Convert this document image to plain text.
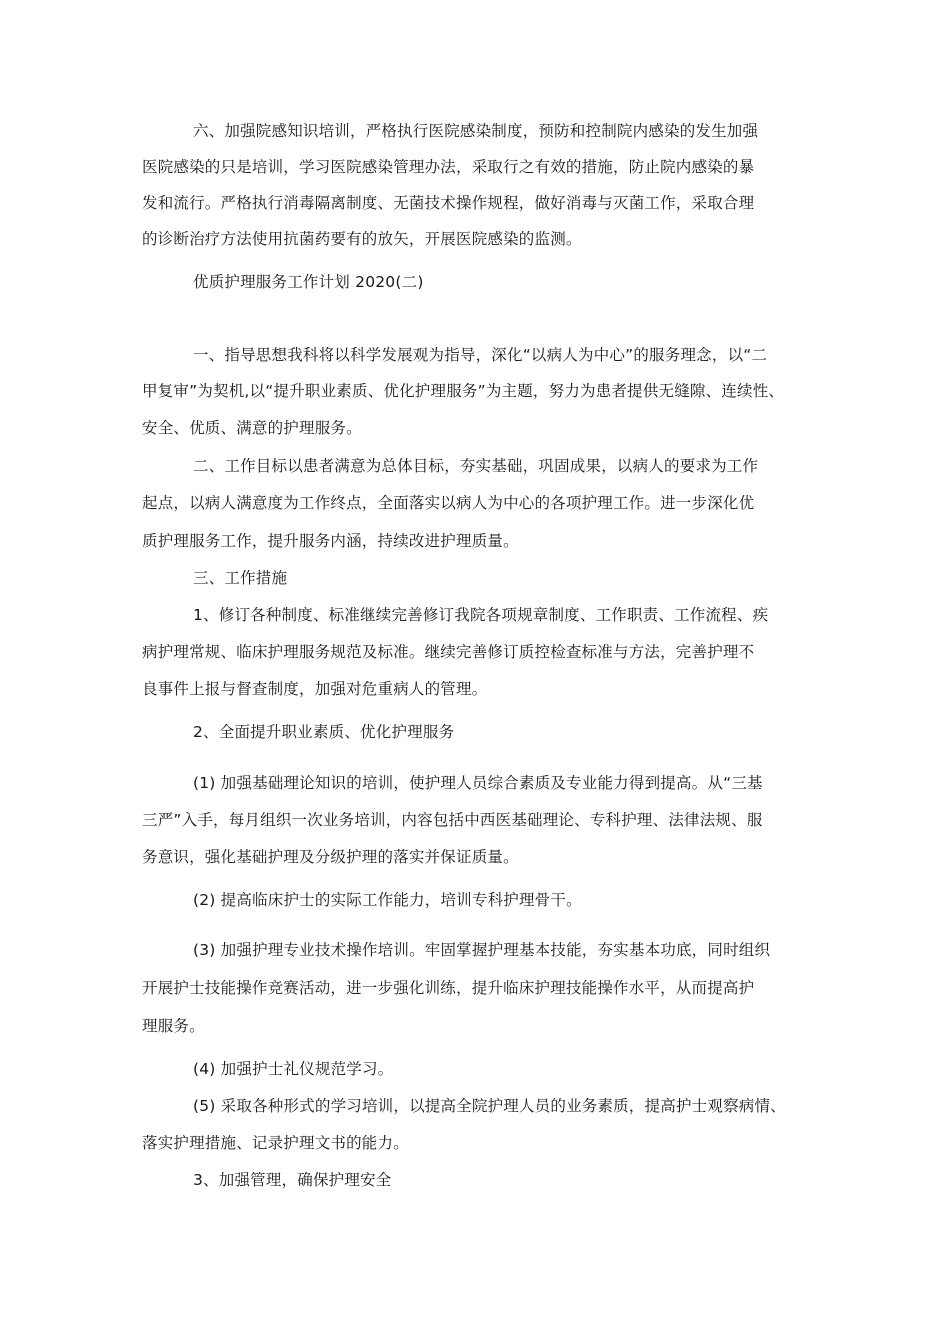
六、加强院感知识培训，严格执行医院感染制度，预防和控制院内感染的发生加强
医院感染的只是培训，学习医院感染管理办法，采取行之有效的措施，防止院内感染的暴
发和流行。严格执行消毒隔离制度、无菌技术操作规程，做好消毒与灭菌工作，采取合理
的诊断治疗方法使用抗菌药要有的放矢，开展医院感染的监测。
优质护理服务工作计划 2020(二)
一、指导思想我科将以科学发展观为指导，深化“以病人为中心”的服务理念，以“二
甲复审”为契机,以“提升职业素质、优化护理服务”为主题，努力为患者提供无缝隙、连续性、
安全、优质、满意的护理服务。
二、工作目标以患者满意为总体目标，夯实基础，巩固成果，以病人的要求为工作
起点，以病人满意度为工作终点，全面落实以病人为中心的各项护理工作。进一步深化优
质护理服务工作，提升服务内涵，持续改进护理质量。
三、工作措施
1、修订各种制度、标准继续完善修订我院各项规章制度、工作职责、工作流程、疾
病护理常规、临床护理服务规范及标准。继续完善修订质控检查标准与方法，完善护理不
良事件上报与督查制度，加强对危重病人的管理。
2、全面提升职业素质、优化护理服务
(1) 加强基础理论知识的培训，使护理人员综合素质及专业能力得到提高。从“三基
三严”入手，每月组织一次业务培训，内容包括中西医基础理论、专科护理、法律法规、服
务意识，强化基础护理及分级护理的落实并保证质量。
(2) 提高临床护士的实际工作能力，培训专科护理骨干。
(3) 加强护理专业技术操作培训。牢固掌握护理基本技能，夯实基本功底，同时组织
开展护士技能操作竞赛活动，进一步强化训练，提升临床护理技能操作水平，从而提高护
理服务。
(4) 加强护士礼仪规范学习。
(5) 采取各种形式的学习培训，以提高全院护理人员的业务素质，提高护士观察病情、
落实护理措施、记录护理文书的能力。
3、加强管理，确保护理安全
